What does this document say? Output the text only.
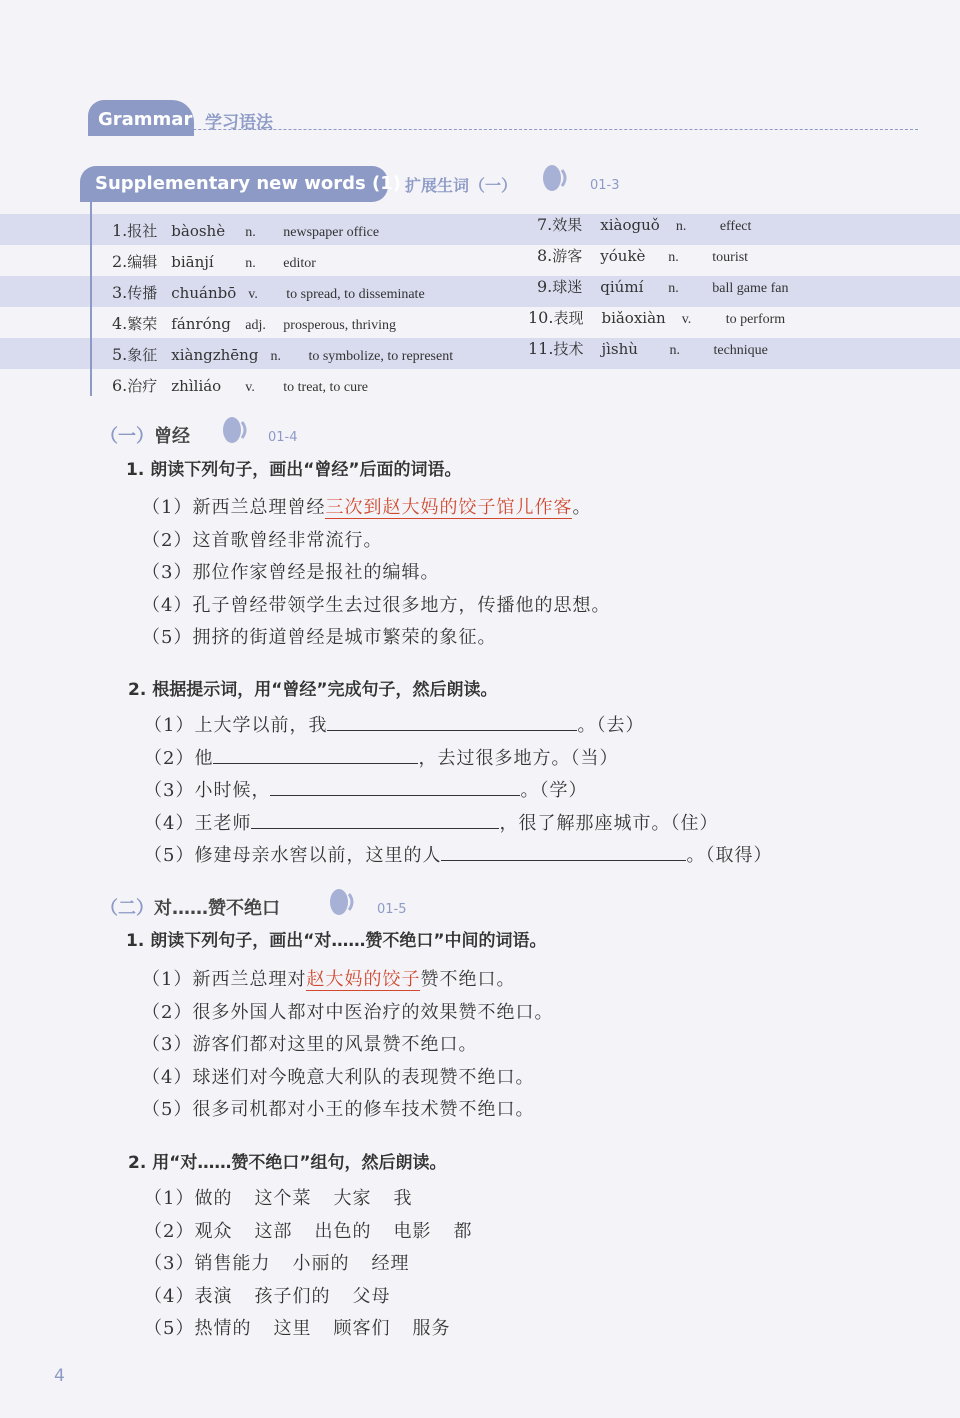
Grammar 学习语法
Supplementary new words (1) 扩展生词（一）	01-3
1.报社 bàoshè n. newspaper office
2.编辑 biānjí n. editor
3.传播 chuánbō v. to spread, to disseminate
4.繁荣 fánróng adj. prosperous, thriving
5.象征 xiàngzhēng n. to symbolize, to represent
6.治疗 zhìliáo v. to treat, to cure
7.效果 xiàoguǒ n. effect
8.游客 yóukè n. tourist
9.球迷 qiúmí n. ball game fan
10.表现 biǎoxiàn v. to perform
11.技术 jìshù n. technique
（一）曾经	01-4
1. 朗读下列句子，画出“曾经”后面的词语。
（1）新西兰总理曾经三次到赵大妈的饺子馆儿作客。
（2）这首歌曾经非常流行。
（3）那位作家曾经是报社的编辑。
（4）孔子曾经带领学生去过很多地方，传播他的思想。
（5）拥挤的街道曾经是城市繁荣的象征。
2. 根据提示词，用“曾经”完成句子，然后朗读。
（1）上大学以前，我	。（去）
（2）他	，去过很多地方。（当）
（3）小时候，	。（学）
（4）王老师	，很了解那座城市。（住）
（5）修建母亲水窖以前，这里的人	。（取得）
（二）对……赞不绝口	01-5
1. 朗读下列句子，画出“对……赞不绝口”中间的词语。
（1）新西兰总理对赵大妈的饺子赞不绝口。
（2）很多外国人都对中医治疗的效果赞不绝口。
（3）游客们都对这里的风景赞不绝口。
（4）球迷们对今晚意大利队的表现赞不绝口。
（5）很多司机都对小王的修车技术赞不绝口。
2. 用“对……赞不绝口”组句，然后朗读。
（1）做的 这个菜 大家 我
（2）观众 这部 出色的 电影 都
（3）销售能力 小丽的 经理
（4）表演 孩子们的 父母
（5）热情的 这里 顾客们 服务
4
